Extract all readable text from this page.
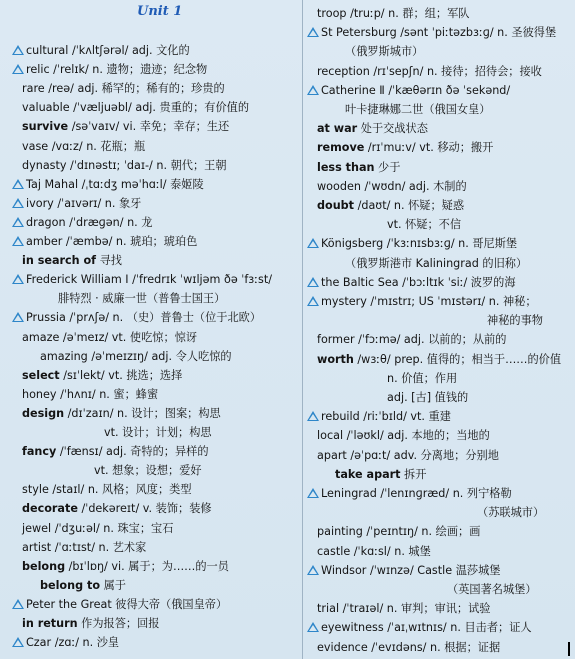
Unit 1
cultural /ˈkʌltʃərəl/ adj. 文化的
relic /ˈrelɪk/ n. 遗物；遗迹；纪念物
rare /reə/ adj. 稀罕的；稀有的；珍贵的
valuable /ˈvæljuəbl/ adj. 贵重的；有价值的
survive /səˈvaɪv/ vi. 幸免；幸存；生还
vase /vɑːz/ n. 花瓶；瓶
dynasty /ˈdɪnəstɪ; ˈdaɪ-/ n. 朝代；王朝
Taj Mahal /ˌtɑːdʒ məˈhɑːl/ 泰姬陵
ivory /ˈaɪvərɪ/ n. 象牙
dragon /ˈdræɡən/ n. 龙
amber /ˈæmbə/ n. 琥珀；琥珀色
in search of 寻找
Frederick William Ⅰ /ˈfredrɪk ˈwɪljəm ðə ˈfɜːst/
腓特烈 · 威廉一世（普鲁士国王）
Prussia /ˈprʌʃə/ n. （史）普鲁士（位于北欧）
amaze /əˈmeɪz/ vt. 使吃惊；惊讶
amazing /əˈmeɪzɪŋ/ adj. 令人吃惊的
select /sɪˈlekt/ vt. 挑选；选择
honey /ˈhʌnɪ/ n. 蜜；蜂蜜
design /dɪˈzaɪn/ n. 设计；图案；构思
vt. 设计；计划；构思
fancy /ˈfænsɪ/ adj. 奇特的；异样的
vt. 想象；设想；爱好
style /staɪl/ n. 风格；风度；类型
decorate /ˈdekəreɪt/ v. 装饰；装修
jewel /ˈdʒuːəl/ n. 珠宝；宝石
artist /ˈɑːtɪst/ n. 艺术家
belong /bɪˈlɒŋ/ vi. 属于；为……的一员
belong to 属于
Peter the Great 彼得大帝（俄国皇帝）
in return 作为报答；回报
Czar /zɑː/ n. 沙皇
troop /truːp/ n. 群；组；军队
St Petersburg /sənt ˈpiːtəzbɜːɡ/ n. 圣彼得堡
（俄罗斯城市）
reception /rɪˈsepʃn/ n. 接待；招待会；接收
Catherine Ⅱ /ˈkæθərɪn ðə ˈsekənd/
叶卡捷琳娜二世（俄国女皇）
at war 处于交战状态
remove /rɪˈmuːv/ vt. 移动；搬开
less than 少于
wooden /ˈwʊdn/ adj. 木制的
doubt /daʊt/ n. 怀疑；疑惑
vt. 怀疑；不信
Königsberg /ˈkɜːnɪsbɜːɡ/ n. 哥尼斯堡
（俄罗斯港市 Kaliningrad 的旧称）
the Baltic Sea /ˈbɔːltɪk ˈsiː/ 波罗的海
mystery /ˈmɪstrɪ; US ˈmɪstərɪ/ n. 神秘；
神秘的事物
former /ˈfɔːmə/ adj. 以前的；从前的
worth /wɜːθ/ prep. 值得的；相当于……的价值
n. 价值；作用
adj. [古] 值钱的
rebuild /riːˈbɪld/ vt. 重建
local /ˈləʊkl/ adj. 本地的；当地的
apart /əˈpɑːt/ adv. 分离地；分别地
take apart 拆开
Leningrad /ˈlenɪnɡræd/ n. 列宁格勒
（苏联城市）
painting /ˈpeɪntɪŋ/ n. 绘画；画
castle /ˈkɑːsl/ n. 城堡
Windsor /ˈwɪnzə/ Castle 温莎城堡
（英国著名城堡）
trial /ˈtraɪəl/ n. 审判；审讯；试验
eyewitness /ˈaɪˌwɪtnɪs/ n. 目击者；证人
evidence /ˈevɪdəns/ n. 根据；证据
